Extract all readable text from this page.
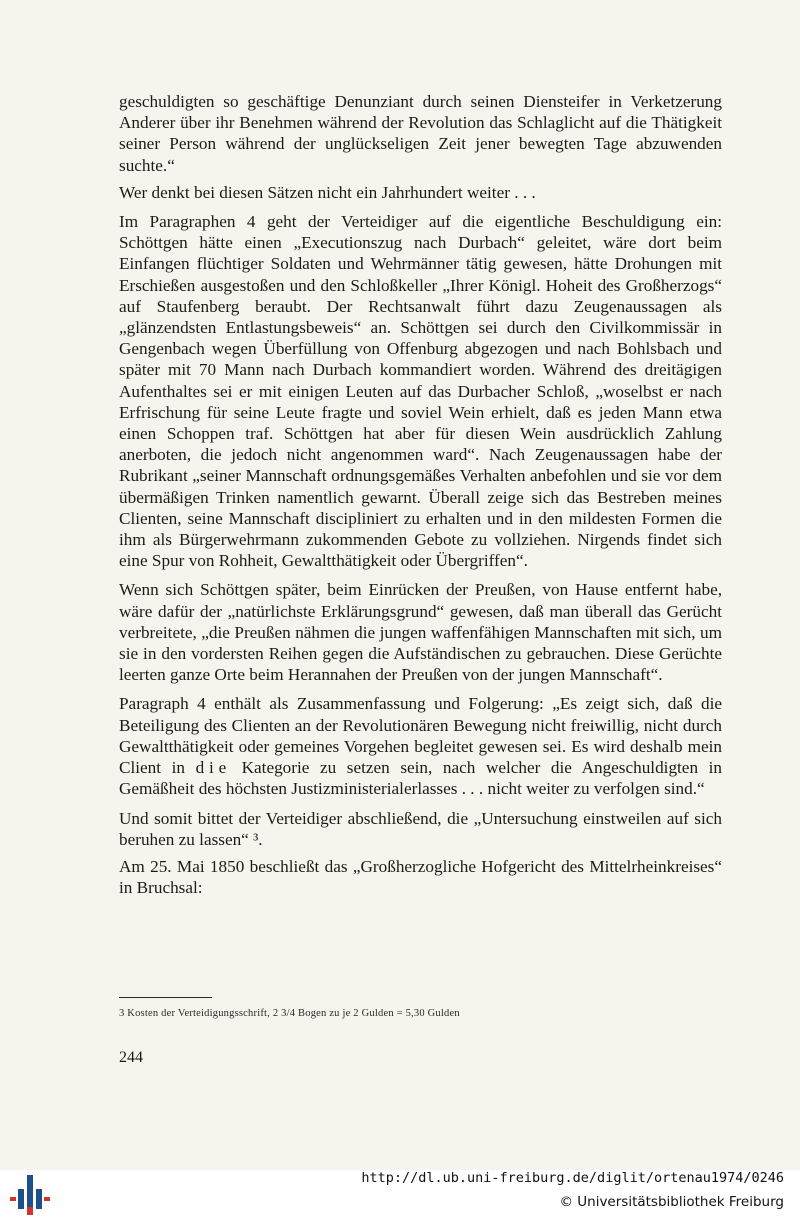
geschuldigten so geschäftige Denunziant durch seinen Diensteifer in Verketzerung Anderer über ihr Benehmen während der Revolution das Schlaglicht auf die Thätigkeit seiner Person während der unglückseligen Zeit jener bewegten Tage abzuwenden suchte.“

Wer denkt bei diesen Sätzen nicht ein Jahrhundert weiter . . .

Im Paragraphen 4 geht der Verteidiger auf die eigentliche Beschuldigung ein: Schöttgen hätte einen „Executionszug nach Durbach“ geleitet, wäre dort beim Einfangen flüchtiger Soldaten und Wehrmänner tätig gewesen, hätte Drohungen mit Erschießen ausgestoßen und den Schloßkeller „Ihrer Königl. Hoheit des Großherzogs“ auf Staufenberg beraubt. Der Rechtsanwalt führt dazu Zeugenaussagen als „glänzendsten Entlastungsbeweis“ an. Schöttgen sei durch den Civilkommissär in Gengenbach wegen Überfüllung von Offenburg abgezogen und nach Bohlsbach und später mit 70 Mann nach Durbach kommandiert worden. Während des dreitägigen Aufenthaltes sei er mit einigen Leuten auf das Durbacher Schloß, „woselbst er nach Erfrischung für seine Leute fragte und soviel Wein erhielt, daß es jeden Mann etwa einen Schoppen traf. Schöttgen hat aber für diesen Wein ausdrücklich Zahlung anerboten, die jedoch nicht angenommen ward“. Nach Zeugenaussagen habe der Rubrikant „seiner Mannschaft ordnungsgemäßes Verhalten anbefohlen und sie vor dem übermäßigen Trinken namentlich gewarnt. Überall zeige sich das Bestreben meines Clienten, seine Mannschaft discipliniert zu erhalten und in den mildesten Formen die ihm als Bürgerwehrmann zukommenden Gebote zu vollziehen. Nirgends findet sich eine Spur von Rohheit, Gewaltthätigkeit oder Übergriffen“.

Wenn sich Schöttgen später, beim Einrücken der Preußen, von Hause entfernt habe, wäre dafür der „natürlichste Erklärungsgrund“ gewesen, daß man überall das Gerücht verbreitete, „die Preußen nähmen die jungen waffenfähigen Mannschaften mit sich, um sie in den vordersten Reihen gegen die Aufständischen zu gebrauchen. Diese Gerüchte leerten ganze Orte beim Herannahen der Preußen von der jungen Mannschaft“.

Paragraph 4 enthält als Zusammenfassung und Folgerung: „Es zeigt sich, daß die Beteiligung des Clienten an der Revolutionären Bewegung nicht freiwillig, nicht durch Gewaltthätigkeit oder gemeines Vorgehen begleitet gewesen sei. Es wird deshalb mein Client in die Kategorie zu setzen sein, nach welcher die Angeschuldigten in Gemäßheit des höchsten Justizministerialerlasses . . . nicht weiter zu verfolgen sind.“

Und somit bittet der Verteidiger abschließend, die „Untersuchung einstweilen auf sich beruhen zu lassen“ ³.

Am 25. Mai 1850 beschließt das „Großherzogliche Hofgericht des Mittelrheinkreises“ in Bruchsal:

3 Kosten der Verteidigungsschrift, 2 3/4 Bogen zu je 2 Gulden = 5,30 Gulden
244
http://dl.ub.uni-freiburg.de/diglit/ortenau1974/0246
© Universitätsbibliothek Freiburg
